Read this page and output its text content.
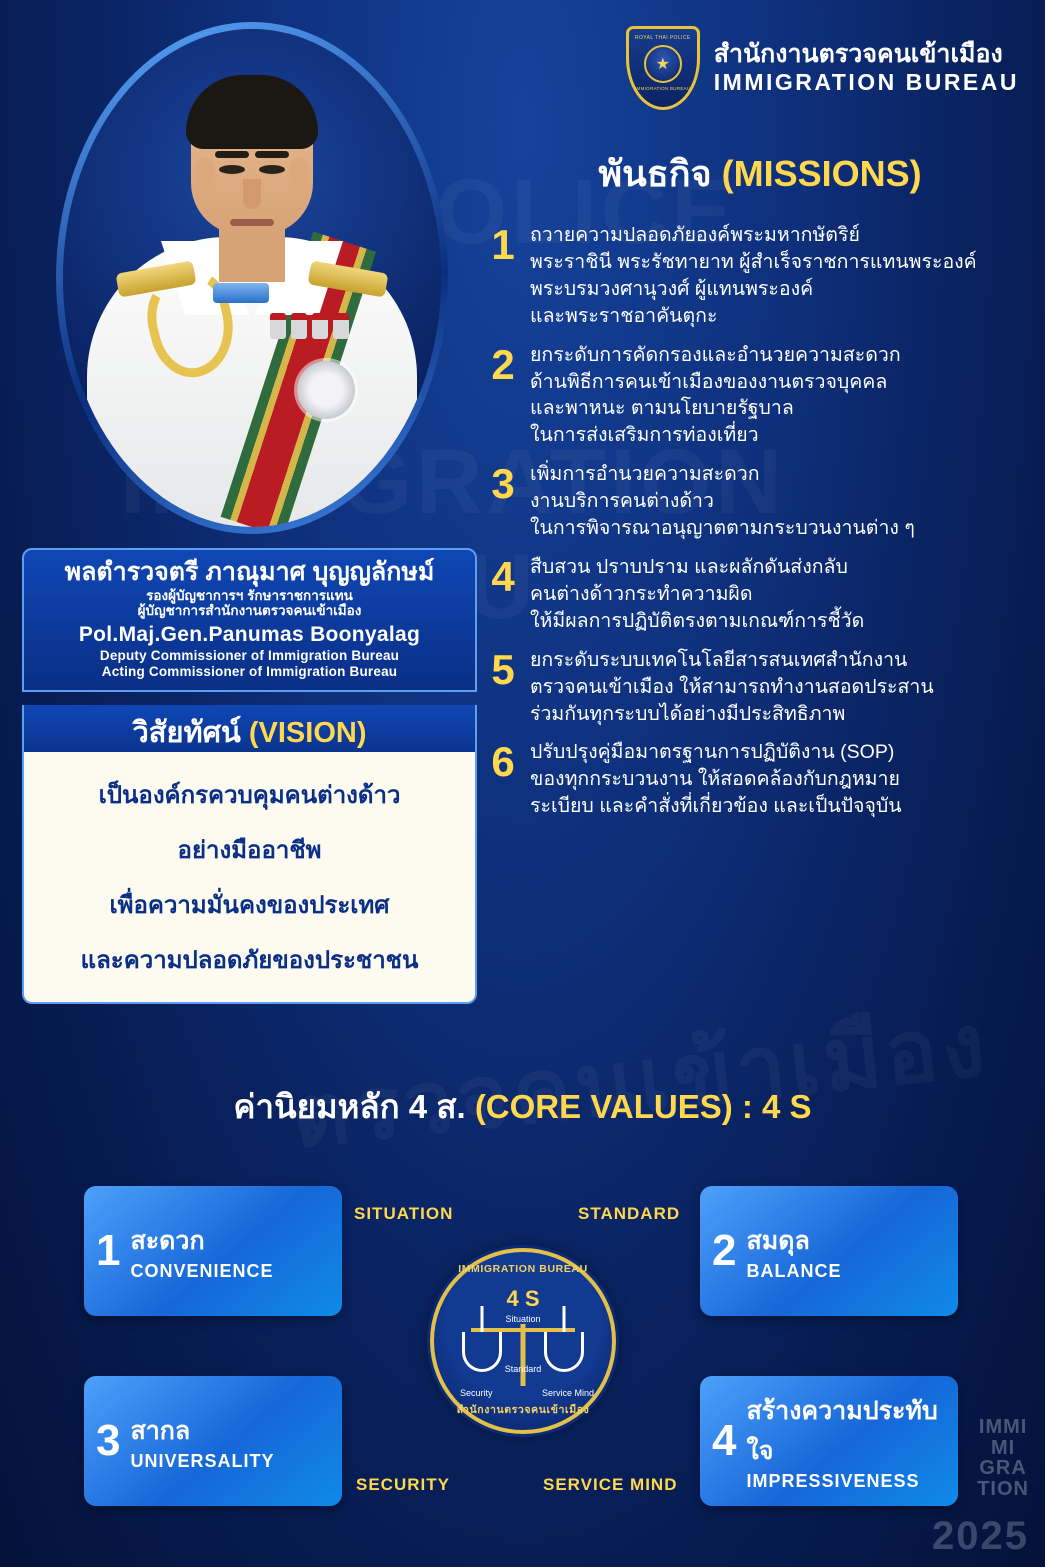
ROYAL THAI POLICE
★
IMMIGRATION BUREAU
สำนักงานตรวจคนเข้าเมือง
IMMIGRATION BUREAU
พลตำรวจตรี ภาณุมาศ บุญญลักษม์
รองผู้บัญชาการฯ รักษาราชการแทน
ผู้บัญชาการสำนักงานตรวจคนเข้าเมือง
Pol.Maj.Gen.Panumas Boonyalag
Deputy Commissioner of Immigration Bureau
Acting Commissioner of Immigration Bureau
วิสัยทัศน์ (VISION)
เป็นองค์กรควบคุมคนต่างด้าว
อย่างมืออาชีพ
เพื่อความมั่นคงของประเทศ
และความปลอดภัยของประชาชน
พันธกิจ (MISSIONS)
1 ถวายความปลอดภัยองค์พระมหากษัตริย์
พระราชินี พระรัชทายาท ผู้สำเร็จราชการแทนพระองค์
พระบรมวงศานุวงศ์ ผู้แทนพระองค์
และพระราชอาคันตุกะ
2 ยกระดับการคัดกรองและอำนวยความสะดวก
ด้านพิธีการคนเข้าเมืองของงานตรวจบุคคล
และพาหนะ ตามนโยบายรัฐบาล
ในการส่งเสริมการท่องเที่ยว
3 เพิ่มการอำนวยความสะดวก
งานบริการคนต่างด้าว
ในการพิจารณาอนุญาตตามกระบวนงานต่าง ๆ
4 สืบสวน ปราบปราม และผลักดันส่งกลับ
คนต่างด้าวกระทำความผิด
ให้มีผลการปฏิบัติตรงตามเกณฑ์การชี้วัด
5 ยกระดับระบบเทคโนโลยีสารสนเทศสำนักงาน
ตรวจคนเข้าเมือง ให้สามารถทำงานสอดประสาน
ร่วมกันทุกระบบได้อย่างมีประสิทธิภาพ
6 ปรับปรุงคู่มือมาตรฐานการปฏิบัติงาน (SOP)
ของทุกกระบวนงาน ให้สอดคล้องกับกฎหมาย
ระเบียบ และคำสั่งที่เกี่ยวข้อง และเป็นปัจจุบัน
ค่านิยมหลัก 4 ส. (CORE VALUES) : 4 S
1 สะดวก
CONVENIENCE	2 สมดุล
BALANCE
3 สากล
UNIVERSALITY	4
สร้างความประทับใจ
IMPRESSIVENESS
SITUATION	STANDARD
SECURITY	SERVICE MIND
IMMIGRATION BUREAU
4 S
Situation
Standard
Security	Service Mind
สำนักงานตรวจคนเข้าเมือง
IMMI
MI
GRA
TION
2025
